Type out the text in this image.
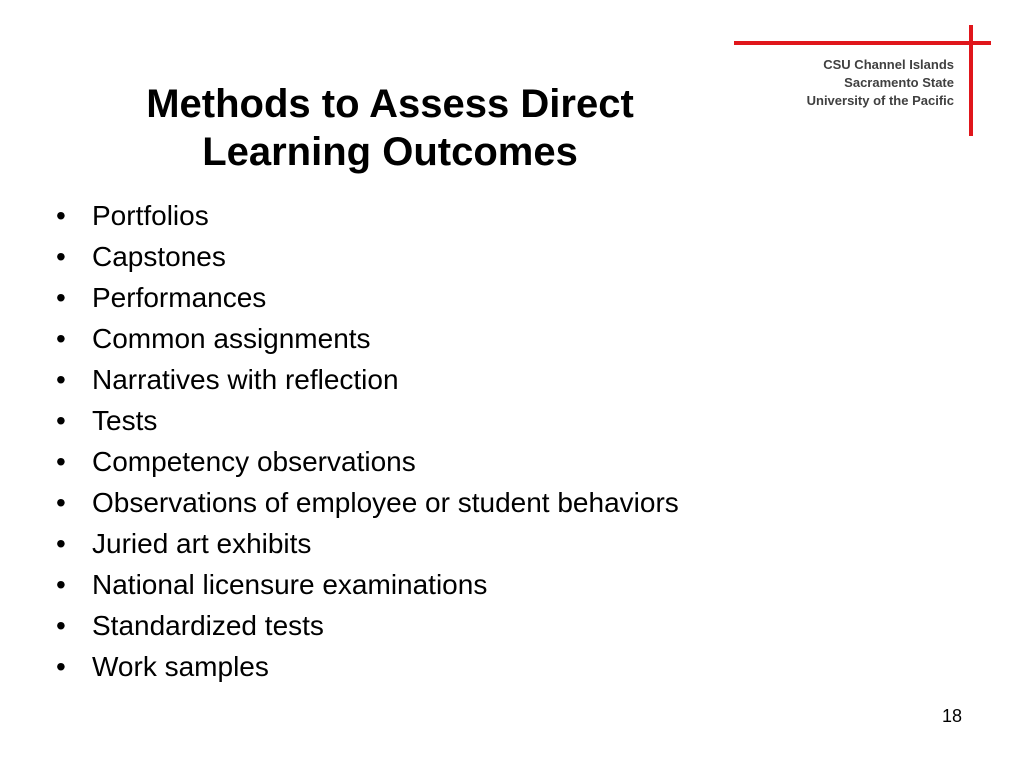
CSU Channel Islands
Sacramento State
University of the Pacific
Methods to Assess Direct
Learning Outcomes
• Portfolios
• Capstones
• Performances
• Common assignments
• Narratives with reflection
• Tests
• Competency observations
• Observations of employee or student behaviors
• Juried art exhibits
• National licensure examinations
• Standardized tests
• Work samples
18
